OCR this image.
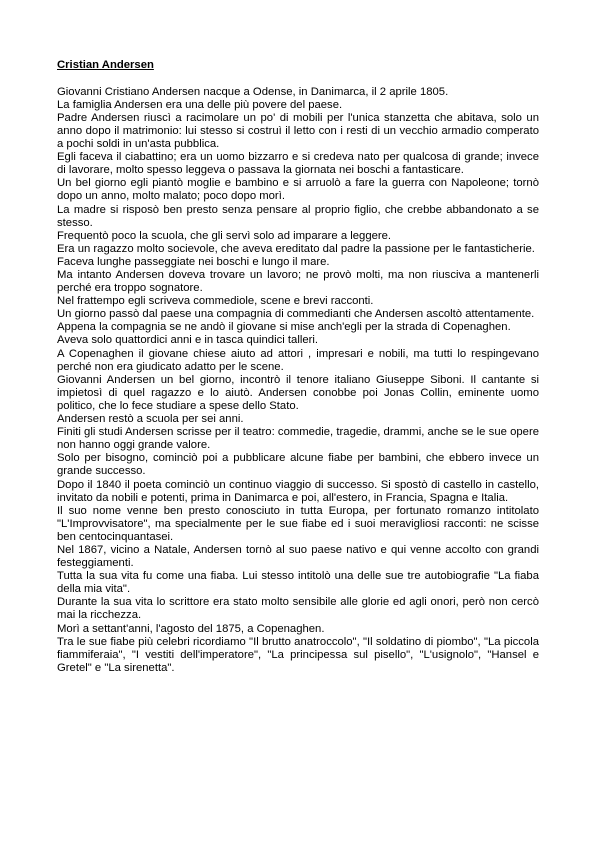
Cristian Andersen

Giovanni Cristiano Andersen nacque a Odense, in Danimarca, il 2 aprile 1805.

La famiglia Andersen era una delle più povere del paese.

Padre Andersen riuscì a racimolare un po' di mobili per l'unica stanzetta che abitava, solo un anno dopo il matrimonio: lui stesso si costruì il letto con i resti di un vecchio armadio comperato a pochi soldi in un'asta pubblica.

Egli faceva il ciabattino; era un uomo bizzarro e si credeva nato per qualcosa di grande; invece di lavorare, molto spesso leggeva o passava la giornata nei boschi a fantasticare.

Un bel giorno egli piantò moglie e bambino e si arruolò a fare la guerra con Napoleone; tornò dopo un anno, molto malato; poco dopo morì.

La madre si risposò ben presto senza pensare al proprio figlio, che crebbe abbandonato a se stesso.

Frequentò poco la scuola, che gli servì solo ad imparare a leggere.

Era un ragazzo molto socievole, che aveva ereditato dal padre la passione per le fantasticherie.

Faceva lunghe passeggiate nei boschi e lungo il mare.

Ma intanto Andersen doveva trovare un lavoro; ne provò molti, ma non riusciva a mantenerli perché era troppo sognatore.

Nel frattempo egli scriveva commediole, scene e brevi racconti.

Un giorno passò dal paese una compagnia di commedianti che Andersen ascoltò attentamente.

Appena la compagnia se ne andò il giovane si mise anch'egli per la strada di Copenaghen.

Aveva solo quattordici anni e in tasca quindici talleri.

A Copenaghen il giovane chiese aiuto ad attori , impresari e nobili, ma tutti lo respingevano perché non era giudicato adatto per le scene.

Giovanni Andersen un bel giorno, incontrò il tenore italiano Giuseppe Siboni. Il cantante si impietosì di quel ragazzo e lo aiutò. Andersen conobbe poi Jonas Collin, eminente uomo politico, che lo fece studiare a spese dello Stato.

Andersen restò a scuola per sei anni.

Finiti gli studi Andersen scrisse per il teatro: commedie, tragedie, drammi, anche se le sue opere non hanno oggi grande valore.

Solo per bisogno, cominciò poi a pubblicare alcune fiabe per bambini, che ebbero invece un grande successo.

Dopo il 1840 il poeta cominciò un continuo viaggio di successo. Si spostò di castello in castello, invitato da nobili e potenti, prima in Danimarca e poi, all'estero, in Francia, Spagna e Italia.

Il suo nome venne ben presto conosciuto in tutta Europa, per fortunato romanzo intitolato "L'Improvvisatore", ma specialmente per le sue fiabe ed i suoi meravigliosi racconti: ne scisse ben centocinquantasei.

Nel 1867, vicino a Natale, Andersen tornò al suo paese nativo e qui venne accolto con grandi festeggiamenti.

Tutta la sua vita fu come una fiaba. Lui stesso intitolò una delle sue tre autobiografie "La fiaba della mia vita".

Durante la sua vita lo scrittore era stato molto sensibile alle glorie ed agli onori, però non cercò mai la ricchezza.

Morì a settant'anni, l'agosto del 1875, a Copenaghen.

Tra le sue fiabe più celebri ricordiamo "Il brutto anatroccolo", "Il soldatino di piombo", "La piccola fiammiferaia", "I vestiti dell'imperatore", "La principessa sul pisello", "L'usignolo", "Hansel e Gretel" e "La sirenetta".
